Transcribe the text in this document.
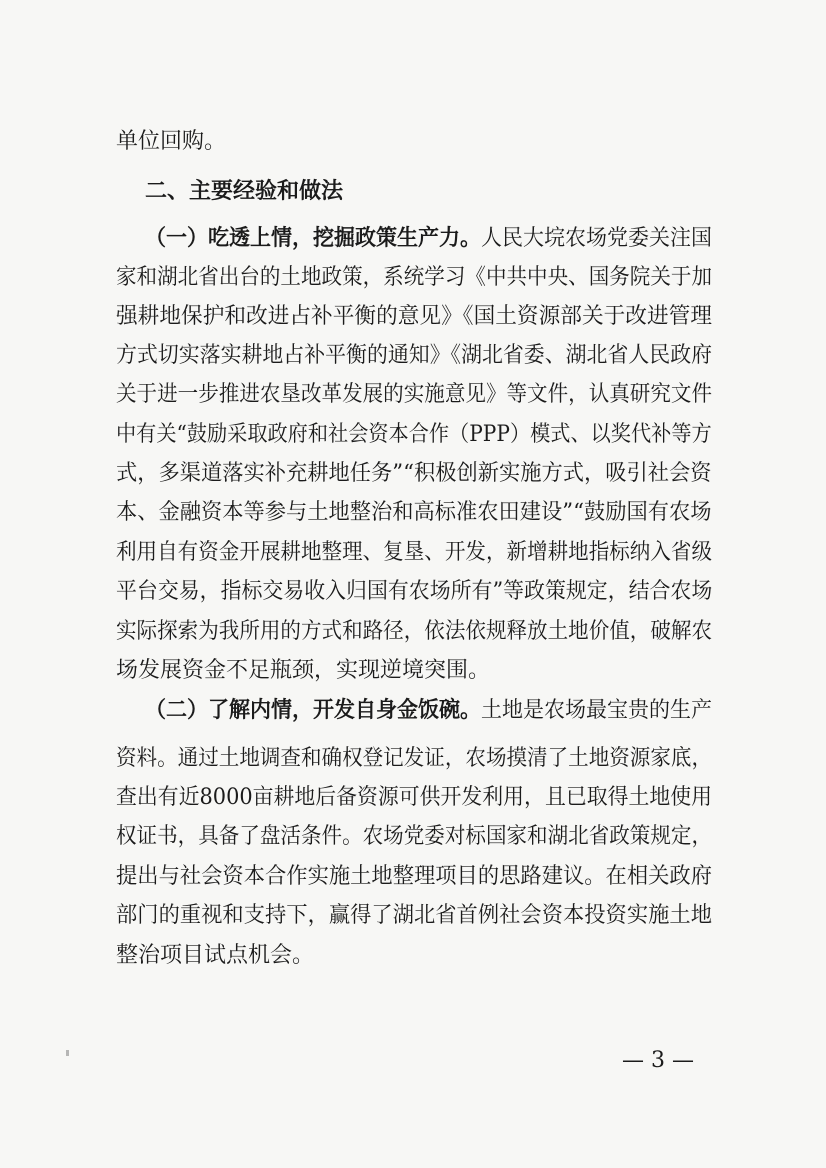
单位回购。
二、主要经验和做法
（一）吃透上情，挖掘政策生产力。人民大垸农场党委关注国
家和湖北省出台的土地政策，系统学习《中共中央、国务院关于加
强耕地保护和改进占补平衡的意见》《国土资源部关于改进管理
方式切实落实耕地占补平衡的通知》《湖北省委、湖北省人民政府
关于进一步推进农垦改革发展的实施意见》等文件，认真研究文件
中有关“鼓励采取政府和社会资本合作（PPP）模式、以奖代补等方
式，多渠道落实补充耕地任务”“积极创新实施方式，吸引社会资
本、金融资本等参与土地整治和高标准农田建设”“鼓励国有农场
利用自有资金开展耕地整理、复垦、开发，新增耕地指标纳入省级
平台交易，指标交易收入归国有农场所有”等政策规定，结合农场
实际探索为我所用的方式和路径，依法依规释放土地价值，破解农
场发展资金不足瓶颈，实现逆境突围。
（二）了解内情，开发自身金饭碗。土地是农场最宝贵的生产
资料。通过土地调查和确权登记发证，农场摸清了土地资源家底，
查出有近8000亩耕地后备资源可供开发利用，且已取得土地使用
权证书，具备了盘活条件。农场党委对标国家和湖北省政策规定，
提出与社会资本合作实施土地整理项目的思路建议。在相关政府
部门的重视和支持下，赢得了湖北省首例社会资本投资实施土地
整治项目试点机会。
— 3 —
